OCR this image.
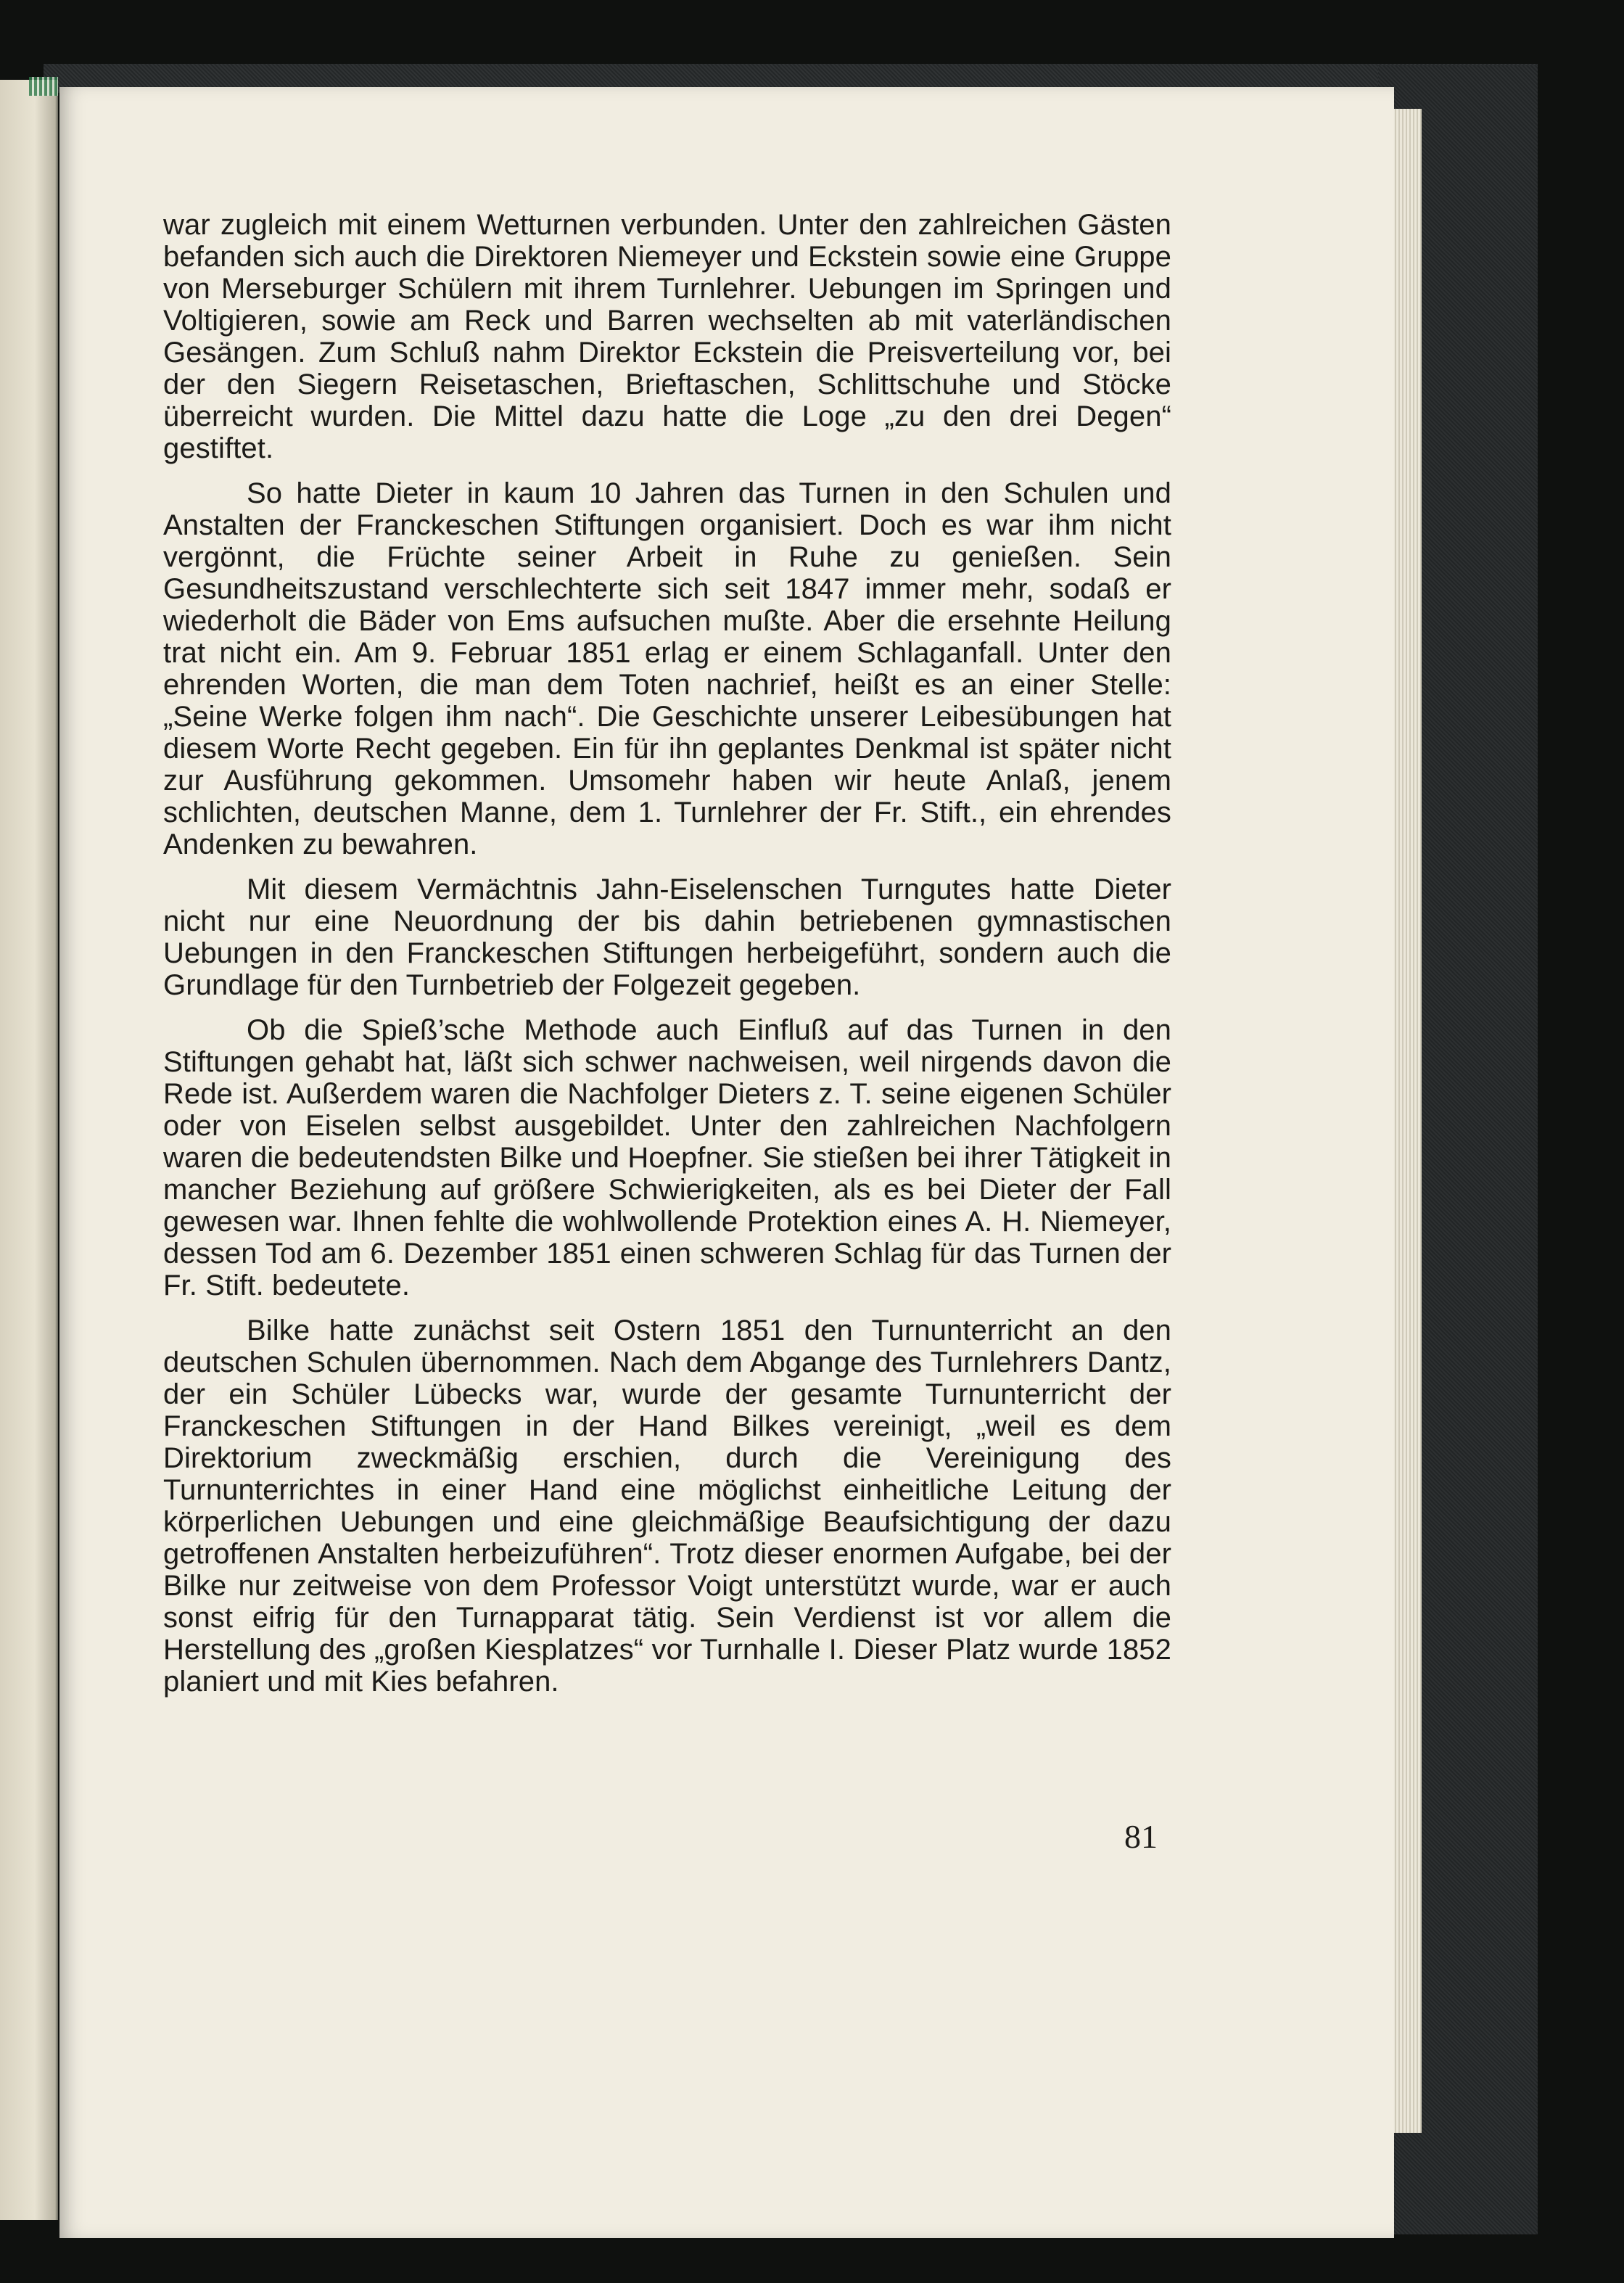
war zugleich mit einem Wetturnen verbunden. Unter den zahlreichen Gästen befanden sich auch die Direktoren Niemeyer und Eckstein sowie eine Gruppe von Merseburger Schülern mit ihrem Turnlehrer. Uebungen im Springen und Voltigieren, sowie am Reck und Barren wechselten ab mit vaterländischen Gesängen. Zum Schluß nahm Direktor Eckstein die Preisverteilung vor, bei der den Siegern Reisetaschen, Brieftaschen, Schlittschuhe und Stöcke überreicht wurden. Die Mittel dazu hatte die Loge „zu den drei Degen“ gestiftet.

So hatte Dieter in kaum 10 Jahren das Turnen in den Schulen und Anstalten der Franckeschen Stiftungen organisiert. Doch es war ihm nicht vergönnt, die Früchte seiner Arbeit in Ruhe zu genießen. Sein Gesundheitszustand verschlechterte sich seit 1847 immer mehr, sodaß er wiederholt die Bäder von Ems aufsuchen mußte. Aber die ersehnte Heilung trat nicht ein. Am 9. Februar 1851 erlag er einem Schlaganfall. Unter den ehrenden Worten, die man dem Toten nachrief, heißt es an einer Stelle: „Seine Werke folgen ihm nach“. Die Geschichte unserer Leibesübungen hat diesem Worte Recht gegeben. Ein für ihn geplantes Denkmal ist später nicht zur Ausführung gekommen. Umsomehr haben wir heute Anlaß, jenem schlichten, deutschen Manne, dem 1. Turnlehrer der Fr. Stift., ein ehrendes Andenken zu bewahren.

Mit diesem Vermächtnis Jahn-Eiselenschen Turngutes hatte Dieter nicht nur eine Neuordnung der bis dahin betriebenen gymnastischen Uebungen in den Franckeschen Stiftungen herbeigeführt, sondern auch die Grundlage für den Turnbetrieb der Folgezeit gegeben.

Ob die Spieß’sche Methode auch Einfluß auf das Turnen in den Stiftungen gehabt hat, läßt sich schwer nachweisen, weil nirgends davon die Rede ist. Außerdem waren die Nachfolger Dieters z. T. seine eigenen Schüler oder von Eiselen selbst ausgebildet. Unter den zahlreichen Nachfolgern waren die bedeutendsten Bilke und Hoepfner. Sie stießen bei ihrer Tätigkeit in mancher Beziehung auf größere Schwierigkeiten, als es bei Dieter der Fall gewesen war. Ihnen fehlte die wohlwollende Protektion eines A. H. Niemeyer, dessen Tod am 6. Dezember 1851 einen schweren Schlag für das Turnen der Fr. Stift. bedeutete.

Bilke hatte zunächst seit Ostern 1851 den Turnunterricht an den deutschen Schulen übernommen. Nach dem Abgange des Turnlehrers Dantz, der ein Schüler Lübecks war, wurde der gesamte Turnunterricht der Franckeschen Stiftungen in der Hand Bilkes vereinigt, „weil es dem Direktorium zweckmäßig erschien, durch die Vereinigung des Turnunterrichtes in einer Hand eine möglichst einheitliche Leitung der körperlichen Uebungen und eine gleichmäßige Beaufsichtigung der dazu getroffenen Anstalten herbeizuführen“. Trotz dieser enormen Aufgabe, bei der Bilke nur zeitweise von dem Professor Voigt unterstützt wurde, war er auch sonst eifrig für den Turnapparat tätig. Sein Verdienst ist vor allem die Herstellung des „großen Kiesplatzes“ vor Turnhalle I. Dieser Platz wurde 1852 planiert und mit Kies befahren.

81
